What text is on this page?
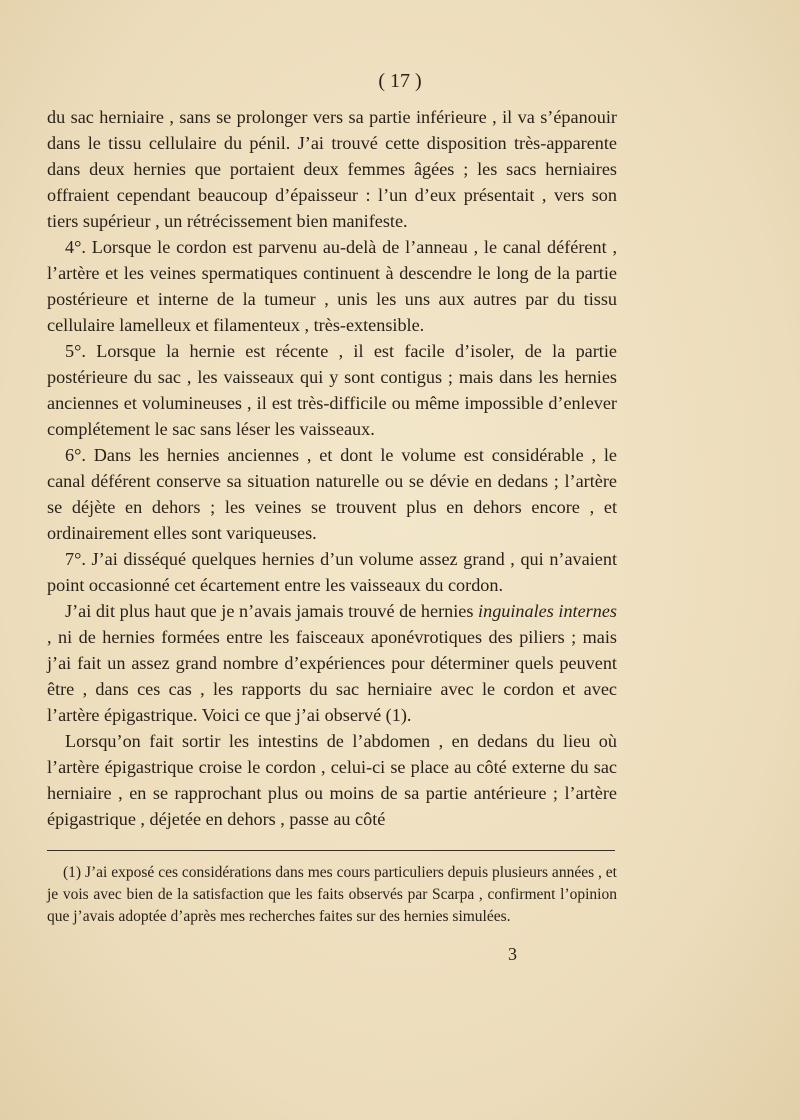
( 17 )

du sac herniaire , sans se prolonger vers sa partie inférieure , il va s’épanouir dans le tissu cellulaire du pénil. J’ai trouvé cette disposition très-apparente dans deux hernies que portaient deux femmes âgées ; les sacs herniaires offraient cependant beaucoup d’épaisseur : l’un d’eux présentait , vers son tiers supérieur , un rétrécissement bien manifeste.

4°. Lorsque le cordon est parvenu au-delà de l’anneau , le canal déférent , l’artère et les veines spermatiques continuent à descendre le long de la partie postérieure et interne de la tumeur , unis les uns aux autres par du tissu cellulaire lamelleux et filamenteux , très-extensible.

5°. Lorsque la hernie est récente , il est facile d’isoler, de la partie postérieure du sac , les vaisseaux qui y sont contigus ; mais dans les hernies anciennes et volumineuses , il est très-difficile ou même impossible d’enlever complétement le sac sans léser les vaisseaux.

6°. Dans les hernies anciennes , et dont le volume est considérable , le canal déférent conserve sa situation naturelle ou se dévie en dedans ; l’artère se déjète en dehors ; les veines se trouvent plus en dehors encore , et ordinairement elles sont variqueuses.

7°. J’ai disséqué quelques hernies d’un volume assez grand , qui n’avaient point occasionné cet écartement entre les vaisseaux du cordon.

J’ai dit plus haut que je n’avais jamais trouvé de hernies inguinales internes , ni de hernies formées entre les faisceaux aponévrotiques des piliers ; mais j’ai fait un assez grand nombre d’expériences pour déterminer quels peuvent être , dans ces cas , les rapports du sac herniaire avec le cordon et avec l’artère épigastrique. Voici ce que j’ai observé (1).

Lorsqu’on fait sortir les intestins de l’abdomen , en dedans du lieu où l’artère épigastrique croise le cordon , celui-ci se place au côté externe du sac herniaire , en se rapprochant plus ou moins de sa partie antérieure ; l’artère épigastrique , déjetée en dehors , passe au côté

(1) J’ai exposé ces considérations dans mes cours particuliers depuis plusieurs années , et je vois avec bien de la satisfaction que les faits observés par Scarpa , confirment l’opinion que j’avais adoptée d’après mes recherches faites sur des hernies simulées.

3
